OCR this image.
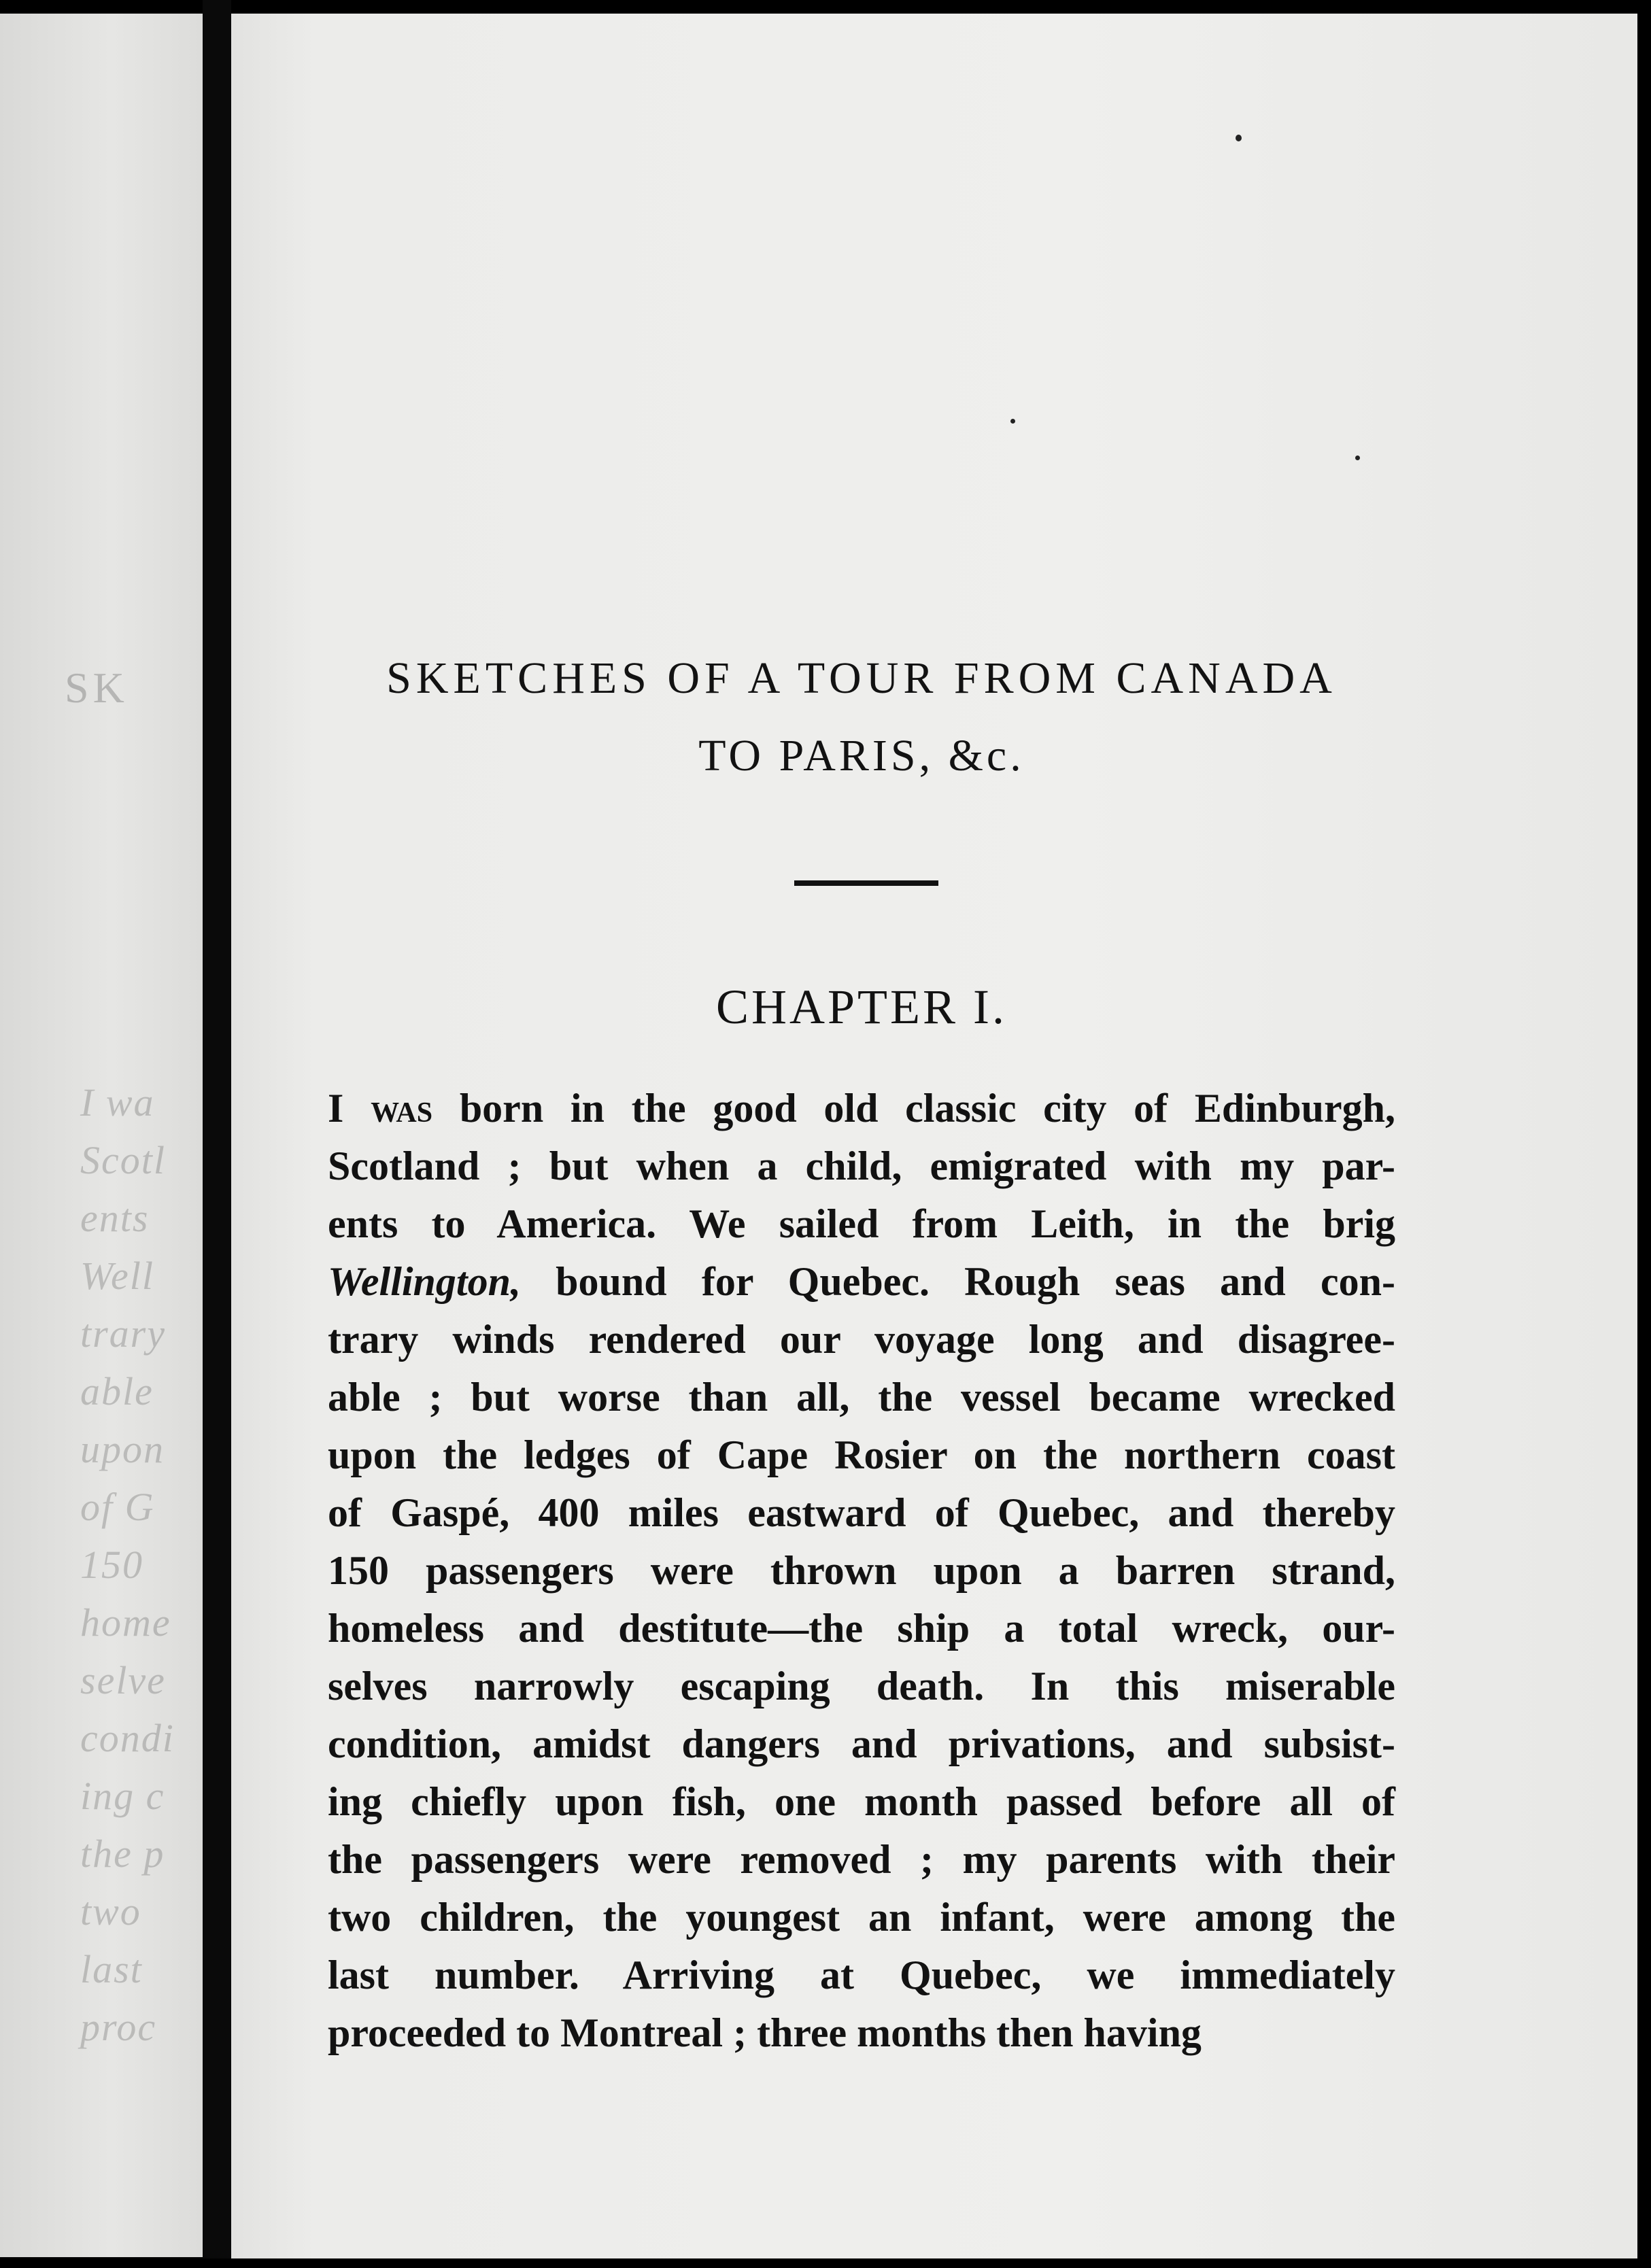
SK
I wa
Scotl
ents
Well
trary
able
upon
of G
150
home
selve
condi
ing c
the p
two
last
proc
SKETCHES OF A TOUR FROM CANADA
TO PARIS, &c.
CHAPTER I.
I was born in the good old classic city of Edinburgh,
Scotland ; but when a child, emigrated with my par-
ents to America. We sailed from Leith, in the brig
Wellington, bound for Quebec. Rough seas and con-
trary winds rendered our voyage long and disagree-
able ; but worse than all, the vessel became wrecked
upon the ledges of Cape Rosier on the northern coast
of Gaspé, 400 miles eastward of Quebec, and thereby
150 passengers were thrown upon a barren strand,
homeless and destitute—the ship a total wreck, our-
selves narrowly escaping death. In this miserable
condition, amidst dangers and privations, and subsist-
ing chiefly upon fish, one month passed before all of
the passengers were removed ; my parents with their
two children, the youngest an infant, were among the
last number. Arriving at Quebec, we immediately
proceeded to Montreal ; three months then having
